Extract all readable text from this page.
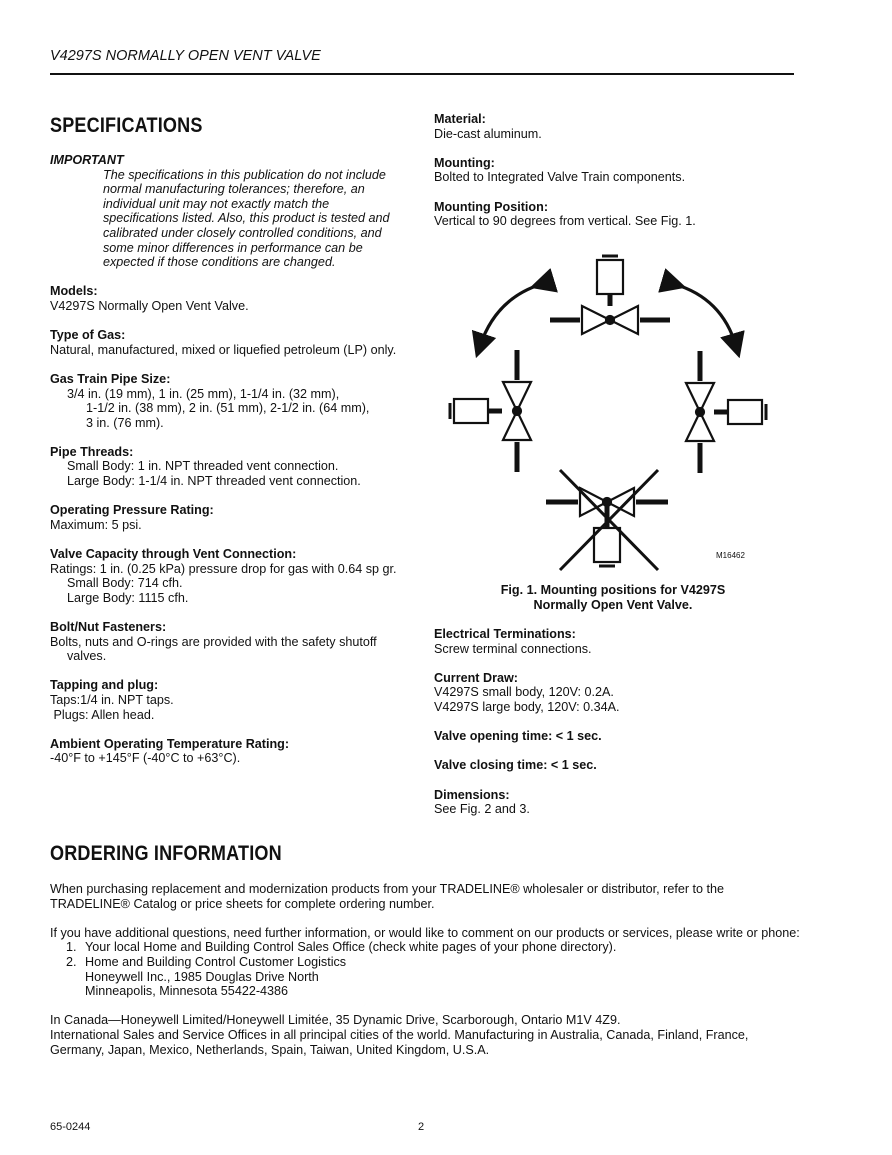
V4297S NORMALLY OPEN VENT VALVE
SPECIFICATIONS
IMPORTANT
The specifications in this publication do not include
normal manufacturing tolerances; therefore, an
individual unit may not exactly match the
specifications listed. Also, this product is tested and
calibrated under closely controlled conditions, and
some minor differences in performance can be
expected if those conditions are changed.
Models:
V4297S Normally Open Vent Valve.
Type of Gas:
Natural, manufactured, mixed or liquefied petroleum (LP) only.
Gas Train Pipe Size:
3/4 in. (19 mm), 1 in. (25 mm), 1-1/4 in. (32 mm),
1-1/2 in. (38 mm), 2 in. (51 mm), 2-1/2 in. (64 mm),
3 in. (76 mm).
Pipe Threads:
Small Body: 1 in. NPT threaded vent connection.
Large Body: 1-1/4 in. NPT threaded vent connection.
Operating Pressure Rating:
Maximum: 5 psi.
Valve Capacity through Vent Connection:
Ratings: 1 in. (0.25 kPa) pressure drop for gas with 0.64 sp gr.
Small Body: 714 cfh.
Large Body: 1115 cfh.
Bolt/Nut Fasteners:
Bolts, nuts and O-rings are provided with the safety shutoff valves.
Tapping and plug:
Taps:1/4 in. NPT taps.
Plugs: Allen head.
Ambient Operating Temperature Rating:
-40°F to +145°F (-40°C to +63°C).
Material:
Die-cast aluminum.
Mounting:
Bolted to Integrated Valve Train components.
Mounting Position:
Vertical to 90 degrees from vertical. See Fig. 1.
M16462
Fig. 1. Mounting positions for V4297S
Normally Open Vent Valve.
Electrical Terminations:
Screw terminal connections.
Current Draw:
V4297S small body, 120V: 0.2A.
V4297S large body, 120V: 0.34A.
Valve opening time: < 1 sec.
Valve closing time: < 1 sec.
Dimensions:
See Fig. 2 and 3.
ORDERING INFORMATION

When purchasing replacement and modernization products from your TRADELINE® wholesaler or distributor, refer to the TRADELINE® Catalog or price sheets for complete ordering number.

If you have additional questions, need further information, or would like to comment on our products or services, please write or phone:

1. Your local Home and Building Control Sales Office (check white pages of your phone directory).
2. Home and Building Control Customer Logistics
Honeywell Inc., 1985 Douglas Drive North
Minneapolis, Minnesota 55422-4386

In Canada—Honeywell Limited/Honeywell Limitée, 35 Dynamic Drive, Scarborough, Ontario M1V 4Z9.

International Sales and Service Offices in all principal cities of the world. Manufacturing in Australia, Canada, Finland, France, Germany, Japan, Mexico, Netherlands, Spain, Taiwan, United Kingdom, U.S.A.

65-0244	2
